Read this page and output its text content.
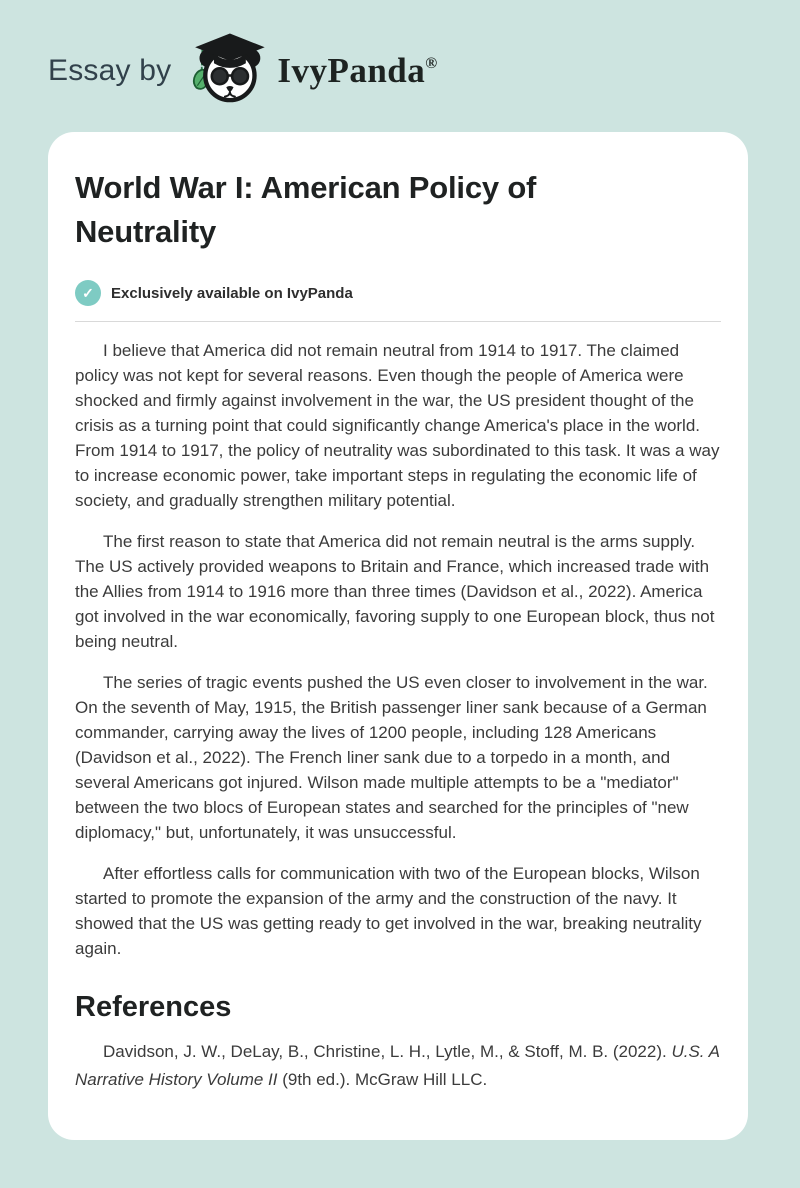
Essay by	IvyPanda®
World War I: American Policy of Neutrality
✓	Exclusively available on IvyPanda

I believe that America did not remain neutral from 1914 to 1917. The claimed policy was not kept for several reasons. Even though the people of America were shocked and firmly against involvement in the war, the US president thought of the crisis as a turning point that could significantly change America's place in the world. From 1914 to 1917, the policy of neutrality was subordinated to this task. It was a way to increase economic power, take important steps in regulating the economic life of society, and gradually strengthen military potential.

The first reason to state that America did not remain neutral is the arms supply. The US actively provided weapons to Britain and France, which increased trade with the Allies from 1914 to 1916 more than three times (Davidson et al., 2022). America got involved in the war economically, favoring supply to one European block, thus not being neutral.

The series of tragic events pushed the US even closer to involvement in the war. On the seventh of May, 1915, the British passenger liner sank because of a German commander, carrying away the lives of 1200 people, including 128 Americans (Davidson et al., 2022). The French liner sank due to a torpedo in a month, and several Americans got injured. Wilson made multiple attempts to be a "mediator" between the two blocs of European states and searched for the principles of "new diplomacy," but, unfortunately, it was unsuccessful.

After effortless calls for communication with two of the European blocks, Wilson started to promote the expansion of the army and the construction of the navy. It showed that the US was getting ready to get involved in the war, breaking neutrality again.

References

Davidson, J. W., DeLay, B., Christine, L. H., Lytle, M., & Stoff, M. B. (2022). U.S. A Narrative History Volume II (9th ed.). McGraw Hill LLC.
